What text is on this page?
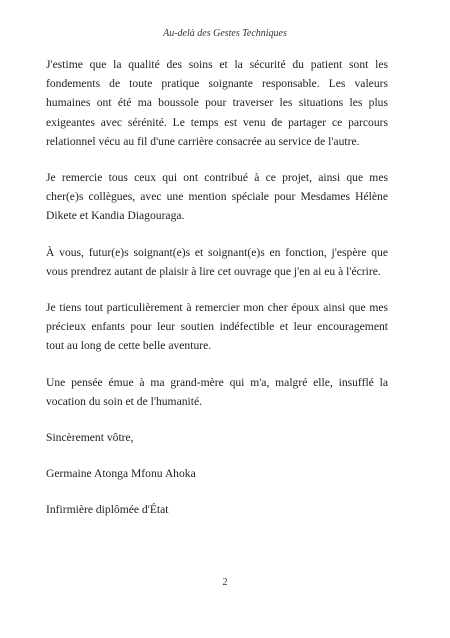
Au-delà des Gestes Techniques

J'estime que la qualité des soins et la sécurité du patient sont les fondements de toute pratique soignante responsable. Les valeurs humaines ont été ma boussole pour traverser les situations les plus exigeantes avec sérénité. Le temps est venu de partager ce parcours relationnel vécu au fil d'une carrière consacrée au service de l'autre.

Je remercie tous ceux qui ont contribué à ce projet, ainsi que mes cher(e)s collègues, avec une mention spéciale pour Mesdames Hélène Dikete et Kandia Diagouraga.

À vous, futur(e)s soignant(e)s et soignant(e)s en fonction, j'espère que vous prendrez autant de plaisir à lire cet ouvrage que j'en ai eu à l'écrire.

Je tiens tout particulièrement à remercier mon cher époux ainsi que mes précieux enfants pour leur soutien indéfectible et leur encouragement tout au long de cette belle aventure.

Une pensée émue à ma grand-mère qui m'a, malgré elle, insufflé la vocation du soin et de l'humanité.

Sincèrement vôtre,

Germaine Atonga Mfonu Ahoka

Infirmière diplômée d'État

2
